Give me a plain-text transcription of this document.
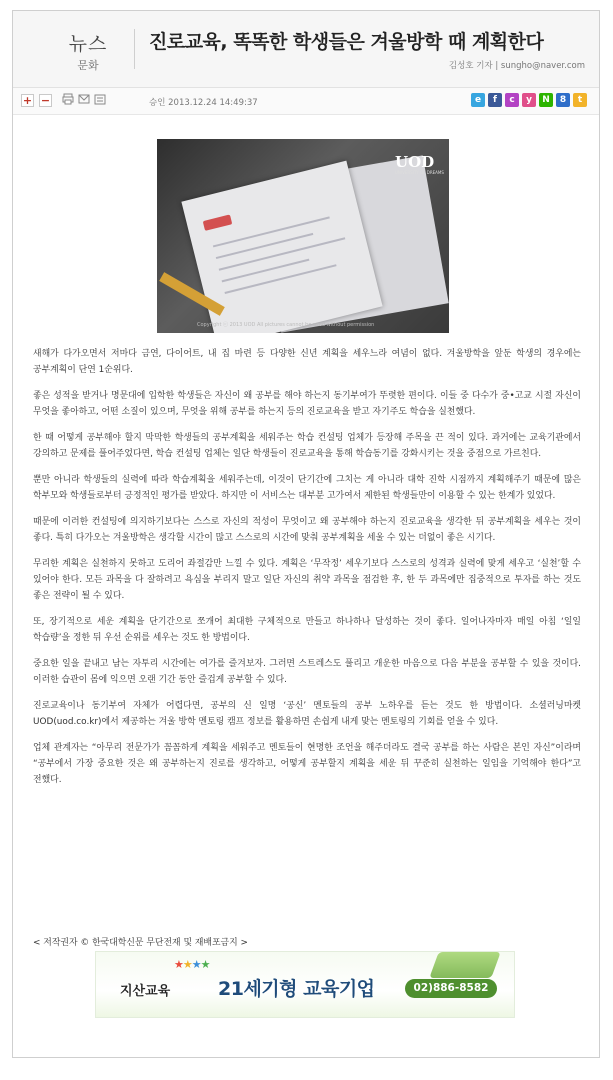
뉴스
문화
진로교육, 똑똑한 학생들은 겨울방학 때 계획한다
김성호 기자 | sungho@naver.com
+ −	승인 2013.12.24 14:49:37	e	f	c	y	N	8	t
UOD
UNIVERSITY OF DREAMS
Copyright ⓒ 2013 UOD All pictures cannot be used without permission

새해가 다가오면서 저마다 금연, 다이어트, 내 집 마련 등 다양한 신년 계획을 세우느라 여념이 없다. 겨울방학을 앞둔 학생의 경우에는 공부계획이 단연 1순위다.

좋은 성적을 받거나 명문대에 입학한 학생들은 자신이 왜 공부를 해야 하는지 동기부여가 뚜렷한 편이다. 이들 중 다수가 중•고교 시절 자신이 무엇을 좋아하고, 어떤 소질이 있으며, 무엇을 위해 공부를 하는지 등의 진로교육을 받고 자기주도 학습을 실천했다.

한 때 어떻게 공부해야 할지 막막한 학생들의 공부계획을 세워주는 학습 컨설팅 업체가 등장해 주목을 끈 적이 있다. 과거에는 교육기관에서 강의하고 문제를 풀어주었다면, 학습 컨설팅 업체는 일단 학생들이 진로교육을 통해 학습동기를 강화시키는 것을 중점으로 가르친다.

뿐만 아니라 학생들의 실력에 따라 학습계획을 세워주는데, 이것이 단기간에 그치는 게 아니라 대학 진학 시점까지 계획해주기 때문에 많은 학부모와 학생들로부터 긍정적인 평가를 받았다. 하지만 이 서비스는 대부분 고가여서 제한된 학생들만이 이용할 수 있는 한계가 있었다.

때문에 이러한 컨설팅에 의지하기보다는 스스로 자신의 적성이 무엇이고 왜 공부해야 하는지 진로교육을 생각한 뒤 공부계획을 세우는 것이 좋다. 특히 다가오는 겨울방학은 생각할 시간이 많고 스스로의 시간에 맞춰 공부계획을 세울 수 있는 더없이 좋은 시기다.

무리한 계획은 실천하지 못하고 도리어 좌절감만 느낄 수 있다. 계획은 ‘무작정’ 세우기보다 스스로의 성격과 실력에 맞게 세우고 ‘실천’할 수 있어야 한다. 모든 과목을 다 잘하려고 욕심을 부리지 말고 일단 자신의 취약 과목을 점검한 후, 한 두 과목에만 집중적으로 투자를 하는 것도 좋은 전략이 될 수 있다.

또, 장기적으로 세운 계획을 단기간으로 쪼개어 최대한 구체적으로 만들고 하나하나 달성하는 것이 좋다. 일어나자마자 매일 아침 ‘일일 학습량’을 정한 뒤 우선 순위를 세우는 것도 한 방법이다.

중요한 일을 끝내고 남는 자투리 시간에는 여가를 즐겨보자. 그러면 스트레스도 풀리고 개운한 마음으로 다음 부분을 공부할 수 있을 것이다. 이러한 습관이 몸에 익으면 오랜 기간 동안 즐겁게 공부할 수 있다.

진로교육이나 동기부여 자체가 어렵다면, 공부의 신 일명 ‘공신’ 멘토들의 공부 노하우를 듣는 것도 한 방법이다. 소셜러닝마켓 UOD(uod.co.kr)에서 제공하는 겨울 방학 멘토링 캠프 정보를 활용하면 손쉽게 내게 맞는 멘토링의 기회를 얻을 수 있다.

업체 관계자는 “아무리 전문가가 꼼꼼하게 계획을 세워주고 멘토들이 현명한 조언을 해주더라도 결국 공부를 하는 사람은 본인 자신”이라며 “공부에서 가장 중요한 것은 왜 공부하는지 진로를 생각하고, 어떻게 공부할지 계획을 세운 뒤 꾸준히 실천하는 일임을 기억해야 한다”고 전했다.

< 저작권자 © 한국대학신문 무단전재 및 재배포금지 >
★★★★
지산교육	21세기형 교육기업	02)886-8582
